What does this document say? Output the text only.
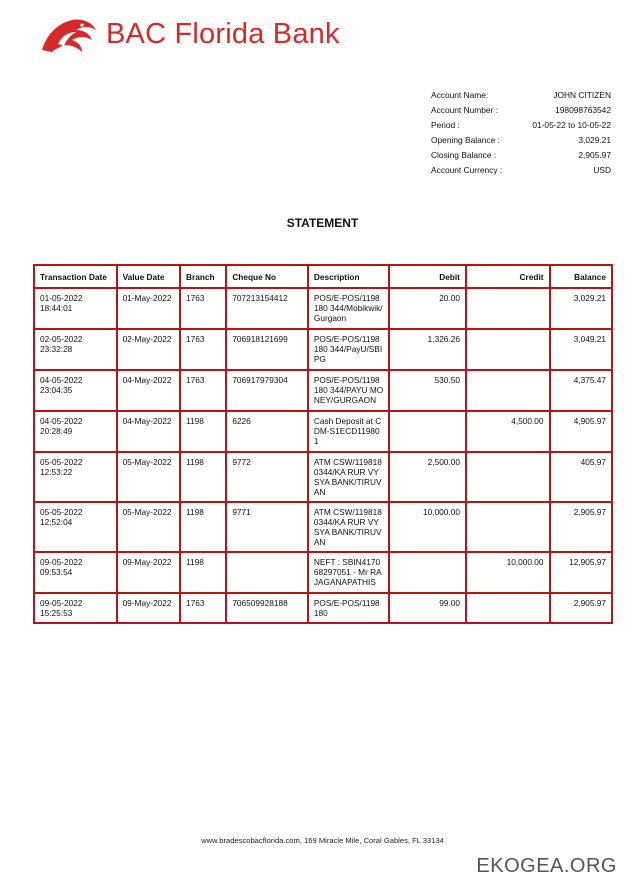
BAC Florida Bank
Account Name:	JOHN CITIZEN
Account Number :	198098763542
Period :	01-05-22 to 10-05-22
Opening Balance :	3,029.21
Closing Balance :	2,905.97
Account Currency :	USD
STATEMENT
Transaction Date	Value Date	Branch	Cheque No	Description	Debit	Credit	Balance
01-05-2022 18:44:01	01-May-2022	1763	707213154412	POS/E-POS/1198180 344/Mobikwik/Gurgaon	20.00		3,029.21
02-05-2022 23:32:28	02-May-2022	1763	706918121699	POS/E-POS/1198180 344/PayU/SBIPG	1,326.26		3,049.21
04-05-2022 23:04:35	04-May-2022	1763	706917979304	POS/E-POS/1198180 344/PAYU MONEY/GURGAON	530.50		4,375.47
04-05-2022 20:28:49	04-May-2022	1198	6226	Cash Deposit at CDM-S1ECD119801		4,500.00	4,905.97
05-05-2022 12:53:22	05-May-2022	1198	9772	ATM CSW/1198180344/KA RUR VYSYA BANK/TIRUVAN	2,500.00		405.97
05-05-2022 12:52:04	05-May-2022	1198	9771	ATM CSW/1198180344/KA RUR VYSYA BANK/TIRUVAN	10,000.00		2,905.97
09-05-2022 09:53:54	09-May-2022	1198		NEFT : SBIN417068297051 - Mr RAJAGANAPATHIS		10,000.00	12,905.97
09-05-2022 15:25:53	09-May-2022	1763	706509928188	POS/E-POS/1198180	99.00		2,905.97
www.bradescobacflorida.com, 169 Miracle Mile, Coral Gables, FL 33134
EKOGEA.ORG
